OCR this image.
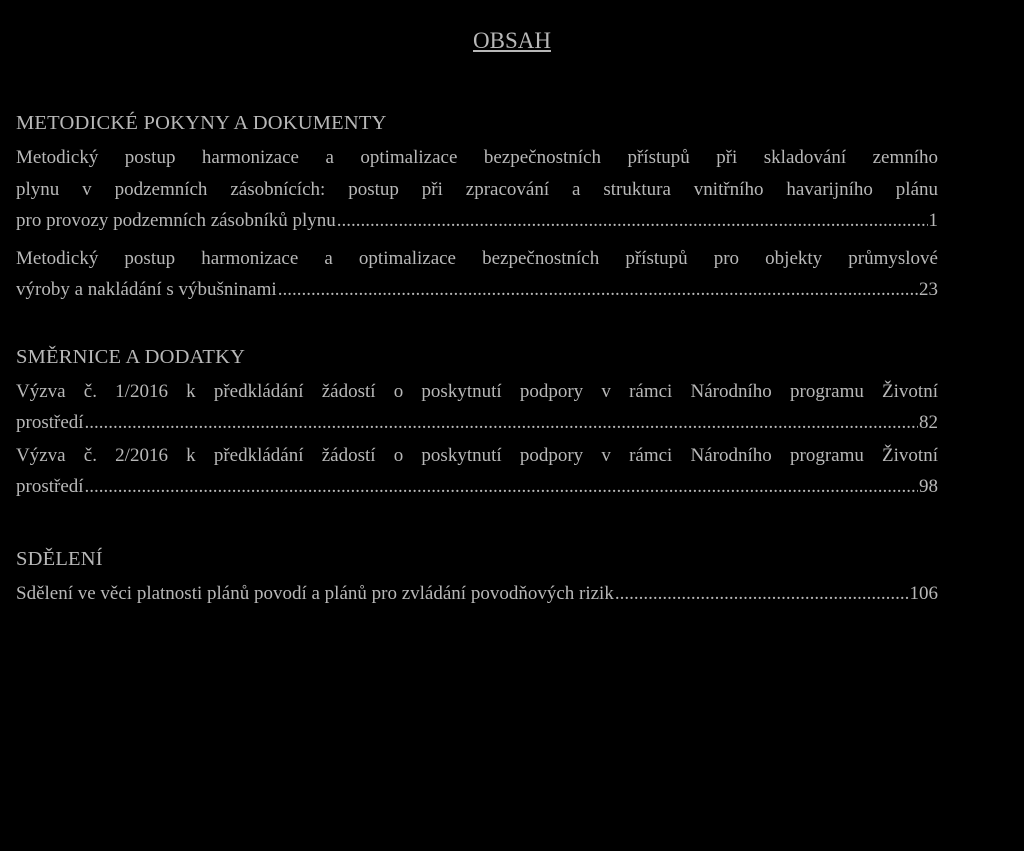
OBSAH
METODICKÉ POKYNY A DOKUMENTY
Metodický postup harmonizace a optimalizace bezpečnostních přístupů při skladování zemního
plynu v podzemních zásobnících: postup při zpracování a struktura vnitřního havarijního plánu
pro provozy podzemních zásobníků plynu .....	1
Metodický postup harmonizace a optimalizace bezpečnostních přístupů pro objekty průmyslové
výroby a nakládání s výbušninami .....	23
SMĚRNICE A DODATKY
Výzva č. 1/2016 k předkládání žádostí o poskytnutí podpory v rámci Národního programu Životní
prostředí .....	82
Výzva č. 2/2016 k předkládání žádostí o poskytnutí podpory v rámci Národního programu Životní
prostředí .....	98
SDĚLENÍ
Sdělení ve věci platnosti plánů povodí a plánů pro zvládání povodňových rizik .....	106
